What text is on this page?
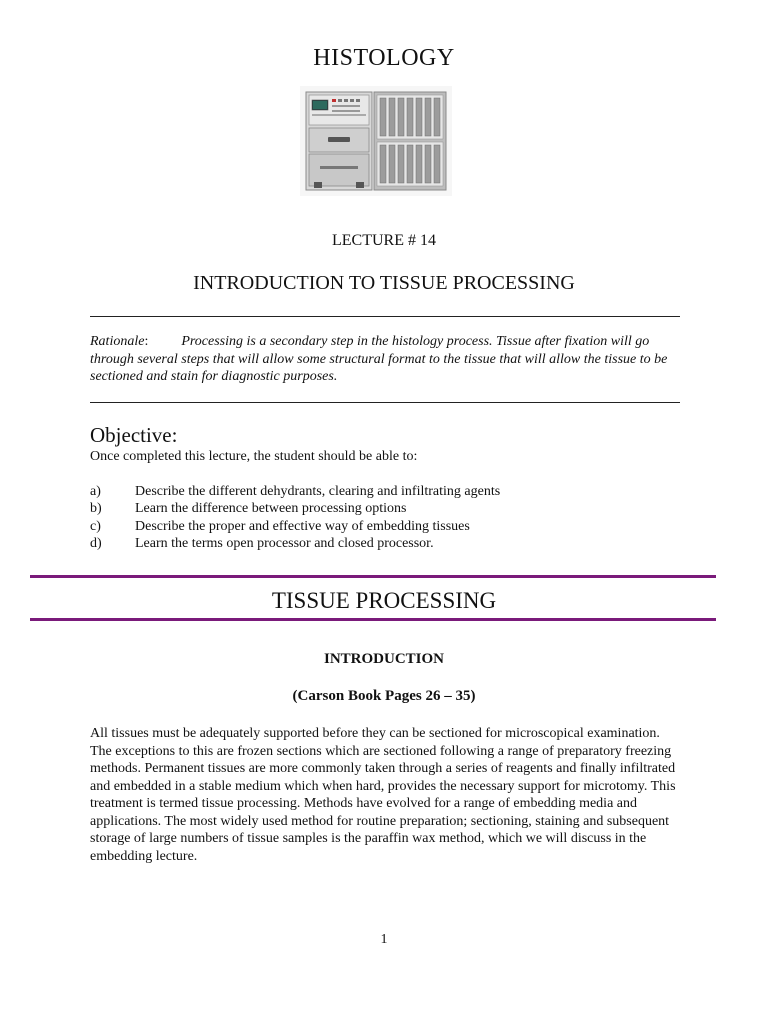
HISTOLOGY
LECTURE # 14
INTRODUCTION TO TISSUE PROCESSING
Rationale: Processing is a secondary step in the histology process. Tissue after fixation will go through several steps that will allow some structural format to the tissue that will allow the tissue to be sectioned and stain for diagnostic purposes.
Objective:
Once completed this lecture, the student should be able to:
a)	Describe the different dehydrants, clearing and infiltrating agents
b)	Learn the difference between processing options
c)	Describe the proper and effective way of embedding tissues
d)	Learn the terms open processor and closed processor.
TISSUE PROCESSING
INTRODUCTION
(Carson Book Pages 26 – 35)
All tissues must be adequately supported before they can be sectioned for microscopical examination. The exceptions to this are frozen sections which are sectioned following a range of preparatory freezing methods. Permanent tissues are more commonly taken through a series of reagents and finally infiltrated and embedded in a stable medium which when hard, provides the necessary support for microtomy. This treatment is termed tissue processing. Methods have evolved for a range of embedding media and applications. The most widely used method for routine preparation; sectioning, staining and subsequent storage of large numbers of tissue samples is the paraffin wax method, which we will discuss in the embedding lecture.
1
